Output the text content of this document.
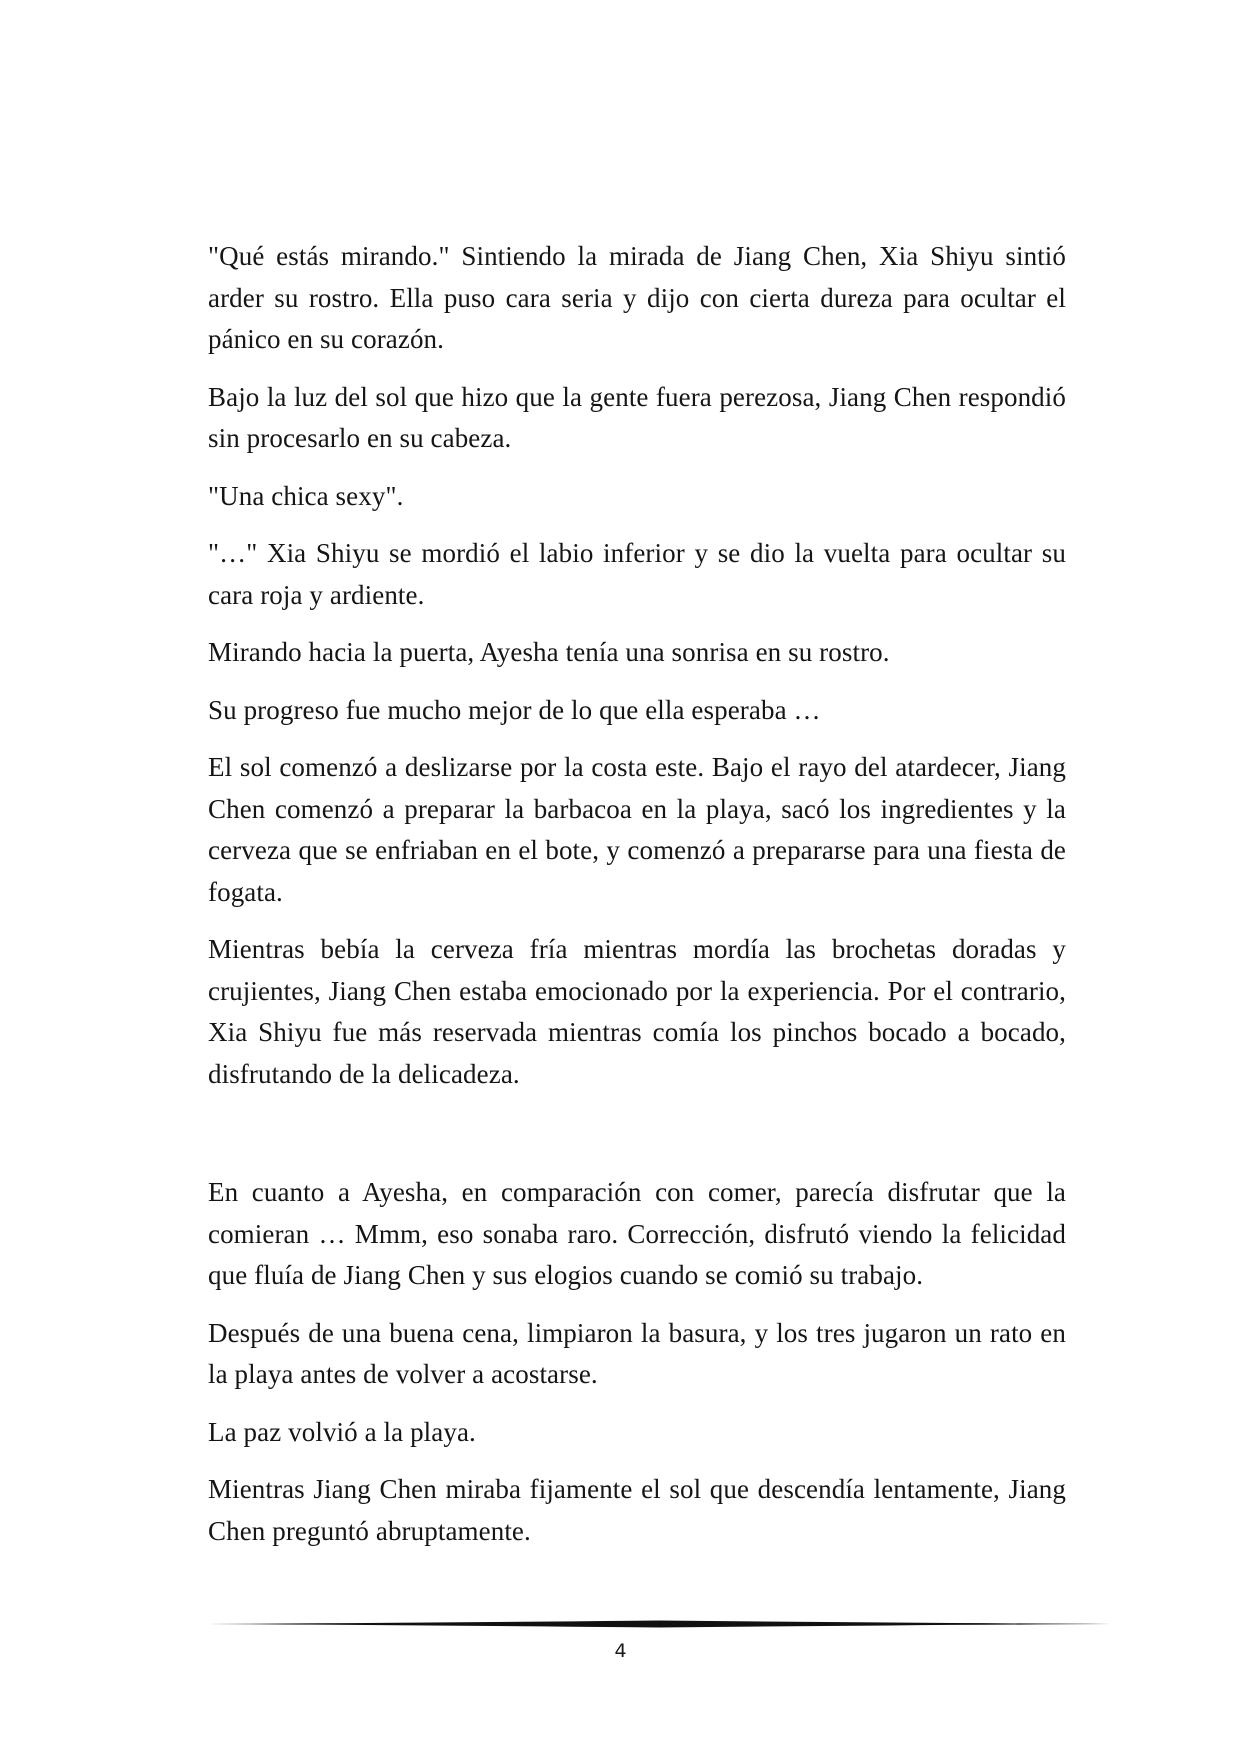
"Qué estás mirando." Sintiendo la mirada de Jiang Chen, Xia Shiyu sintió arder su rostro. Ella puso cara seria y dijo con cierta dureza para ocultar el pánico en su corazón.

Bajo la luz del sol que hizo que la gente fuera perezosa, Jiang Chen respondió sin procesarlo en su cabeza.

"Una chica sexy".

"…" Xia Shiyu se mordió el labio inferior y se dio la vuelta para ocultar su cara roja y ardiente.

Mirando hacia la puerta, Ayesha tenía una sonrisa en su rostro.

Su progreso fue mucho mejor de lo que ella esperaba …

El sol comenzó a deslizarse por la costa este. Bajo el rayo del atardecer, Jiang Chen comenzó a preparar la barbacoa en la playa, sacó los ingredientes y la cerveza que se enfriaban en el bote, y comenzó a prepararse para una fiesta de fogata.

Mientras bebía la cerveza fría mientras mordía las brochetas doradas y crujientes, Jiang Chen estaba emocionado por la experiencia. Por el contrario, Xia Shiyu fue más reservada mientras comía los pinchos bocado a bocado, disfrutando de la delicadeza.

En cuanto a Ayesha, en comparación con comer, parecía disfrutar que la comieran … Mmm, eso sonaba raro. Corrección, disfrutó viendo la felicidad que fluía de Jiang Chen y sus elogios cuando se comió su trabajo.

Después de una buena cena, limpiaron la basura, y los tres jugaron un rato en la playa antes de volver a acostarse.

La paz volvió a la playa.

Mientras Jiang Chen miraba fijamente el sol que descendía lentamente, Jiang Chen preguntó abruptamente.

4
